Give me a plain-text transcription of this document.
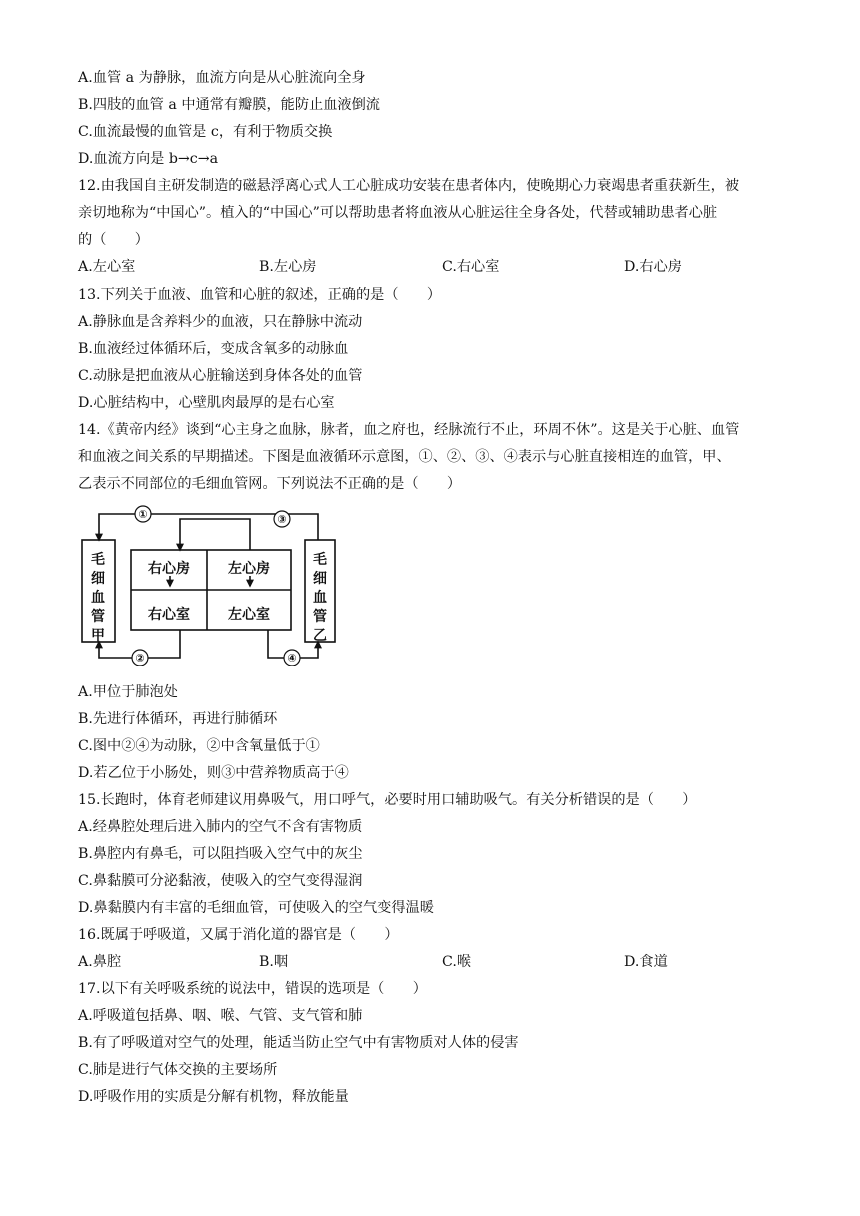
A.血管 a 为静脉，血流方向是从心脏流向全身
B.四肢的血管 a 中通常有瓣膜，能防止血液倒流
C.血流最慢的血管是 c，有利于物质交换
D.血流方向是 b→c→a
12.由我国自主研发制造的磁悬浮离心式人工心脏成功安装在患者体内，使晚期心力衰竭患者重获新生，被
亲切地称为“中国心”。植入的“中国心”可以帮助患者将血液从心脏运往全身各处，代替或辅助患者心脏
的（　　）
A.左心室	B.左心房	C.右心室	D.右心房
13.下列关于血液、血管和心脏的叙述，正确的是（　　）
A.静脉血是含养料少的血液，只在静脉中流动
B.血液经过体循环后，变成含氧多的动脉血
C.动脉是把血液从心脏输送到身体各处的血管
D.心脏结构中，心壁肌肉最厚的是右心室
14.《黄帝内经》谈到“心主身之血脉，脉者，血之府也，经脉流行不止，环周不休”。这是关于心脏、血管
和血液之间关系的早期描述。下图是血液循环示意图，①、②、③、④表示与心脏直接相连的血管，甲、
乙表示不同部位的毛细血管网。下列说法不正确的是（　　）
①	③
②	④
右心房	左心房
右心室	左心室
毛
细
血
管
甲
毛
细
血
管
乙
A.甲位于肺泡处
B.先进行体循环，再进行肺循环
C.图中②④为动脉，②中含氧量低于①
D.若乙位于小肠处，则③中营养物质高于④
15.长跑时，体育老师建议用鼻吸气，用口呼气，必要时用口辅助吸气。有关分析错误的是（　　）
A.经鼻腔处理后进入肺内的空气不含有害物质
B.鼻腔内有鼻毛，可以阻挡吸入空气中的灰尘
C.鼻黏膜可分泌黏液，使吸入的空气变得湿润
D.鼻黏膜内有丰富的毛细血管，可使吸入的空气变得温暖
16.既属于呼吸道，又属于消化道的器官是（　　）
A.鼻腔	B.咽	C.喉	D.食道
17.以下有关呼吸系统的说法中，错误的选项是（　　）
A.呼吸道包括鼻、咽、喉、气管、支气管和肺
B.有了呼吸道对空气的处理，能适当防止空气中有害物质对人体的侵害
C.肺是进行气体交换的主要场所
D.呼吸作用的实质是分解有机物，释放能量
